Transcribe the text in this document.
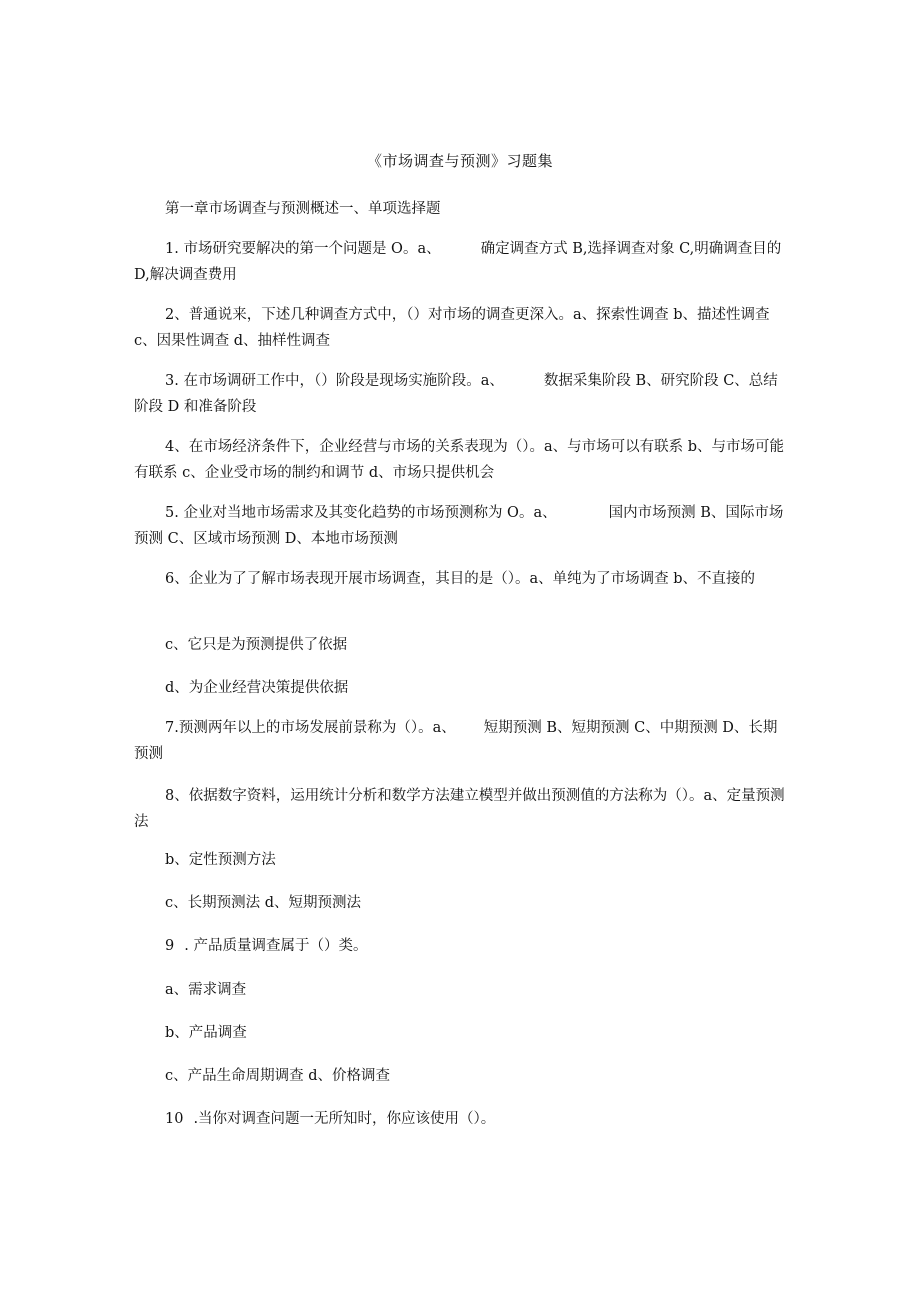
《市场调查与预测》习题集
第一章市场调查与预测概述一、单项选择题
1. 市场研究要解决的第一个问题是 O。a、	确定调查方式 B,选择调查对象 C,明确调查目的 D,解决调查费用
2、普通说来，下述几种调查方式中，（）对市场的调查更深入。a、探索性调查 b、描述性调查 c、因果性调查 d、抽样性调查
3. 在市场调研工作中，（）阶段是现场实施阶段。a、	数据采集阶段 B、研究阶段 C、总结阶段 D 和准备阶段
4、在市场经济条件下，企业经营与市场的关系表现为（）。a、与市场可以有联系 b、与市场可能有联系 c、企业受市场的制约和调节 d、市场只提供机会
5. 企业对当地市场需求及其变化趋势的市场预测称为 O。a、	国内市场预测 B、国际市场预测 C、区域市场预测 D、本地市场预测
6、企业为了了解市场表现开展市场调查，其目的是（）。a、单纯为了市场调查 b、不直接的
c、它只是为预测提供了依据
d、为企业经营决策提供依据
7.预测两年以上的市场发展前景称为（）。a、 短期预测 B、短期预测 C、中期预测 D、长期预测
8、依据数字资料，运用统计分析和数学方法建立模型并做出预测值的方法称为（）。a、定量预测法
b、定性预测方法
c、长期预测法 d、短期预测法
9 . 产品质量调查属于（）类。
a、需求调查
b、产品调查
c、产品生命周期调查 d、价格调查
10 .当你对调查问题一无所知时，你应该使用（）。
